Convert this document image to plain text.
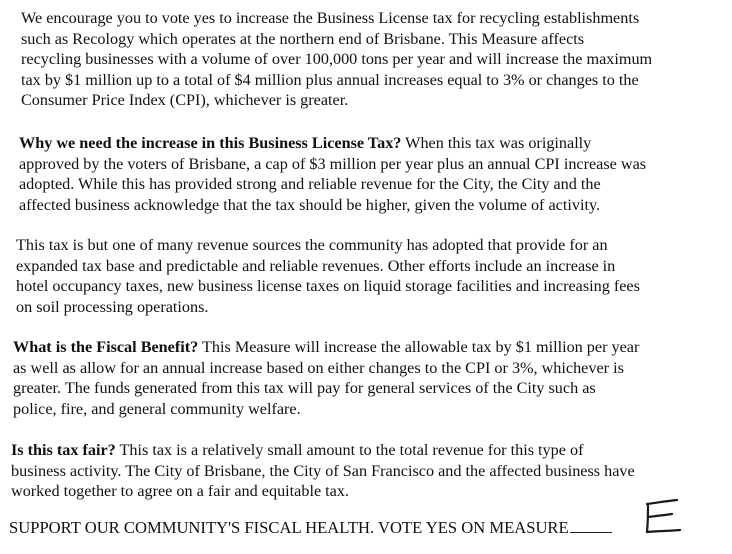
We encourage you to vote yes to increase the Business License tax for recycling establishments
such as Recology which operates at the northern end of Brisbane. This Measure affects
recycling businesses with a volume of over 100,000 tons per year and will increase the maximum
tax by $1 million up to a total of $4 million plus annual increases equal to 3% or changes to the
Consumer Price Index (CPI), whichever is greater.

Why we need the increase in this Business License Tax? When this tax was originally
approved by the voters of Brisbane, a cap of $3 million per year plus an annual CPI increase was
adopted. While this has provided strong and reliable revenue for the City, the City and the
affected business acknowledge that the tax should be higher, given the volume of activity.

This tax is but one of many revenue sources the community has adopted that provide for an
expanded tax base and predictable and reliable revenues. Other efforts include an increase in
hotel occupancy taxes, new business license taxes on liquid storage facilities and increasing fees
on soil processing operations.

What is the Fiscal Benefit? This Measure will increase the allowable tax by $1 million per year
as well as allow for an annual increase based on either changes to the CPI or 3%, whichever is
greater. The funds generated from this tax will pay for general services of the City such as
police, fire, and general community welfare.

Is this tax fair? This tax is a relatively small amount to the total revenue for this type of
business activity. The City of Brisbane, the City of San Francisco and the affected business have
worked together to agree on a fair and equitable tax.

SUPPORT OUR COMMUNITY'S FISCAL HEALTH. VOTE YES ON MEASURE
